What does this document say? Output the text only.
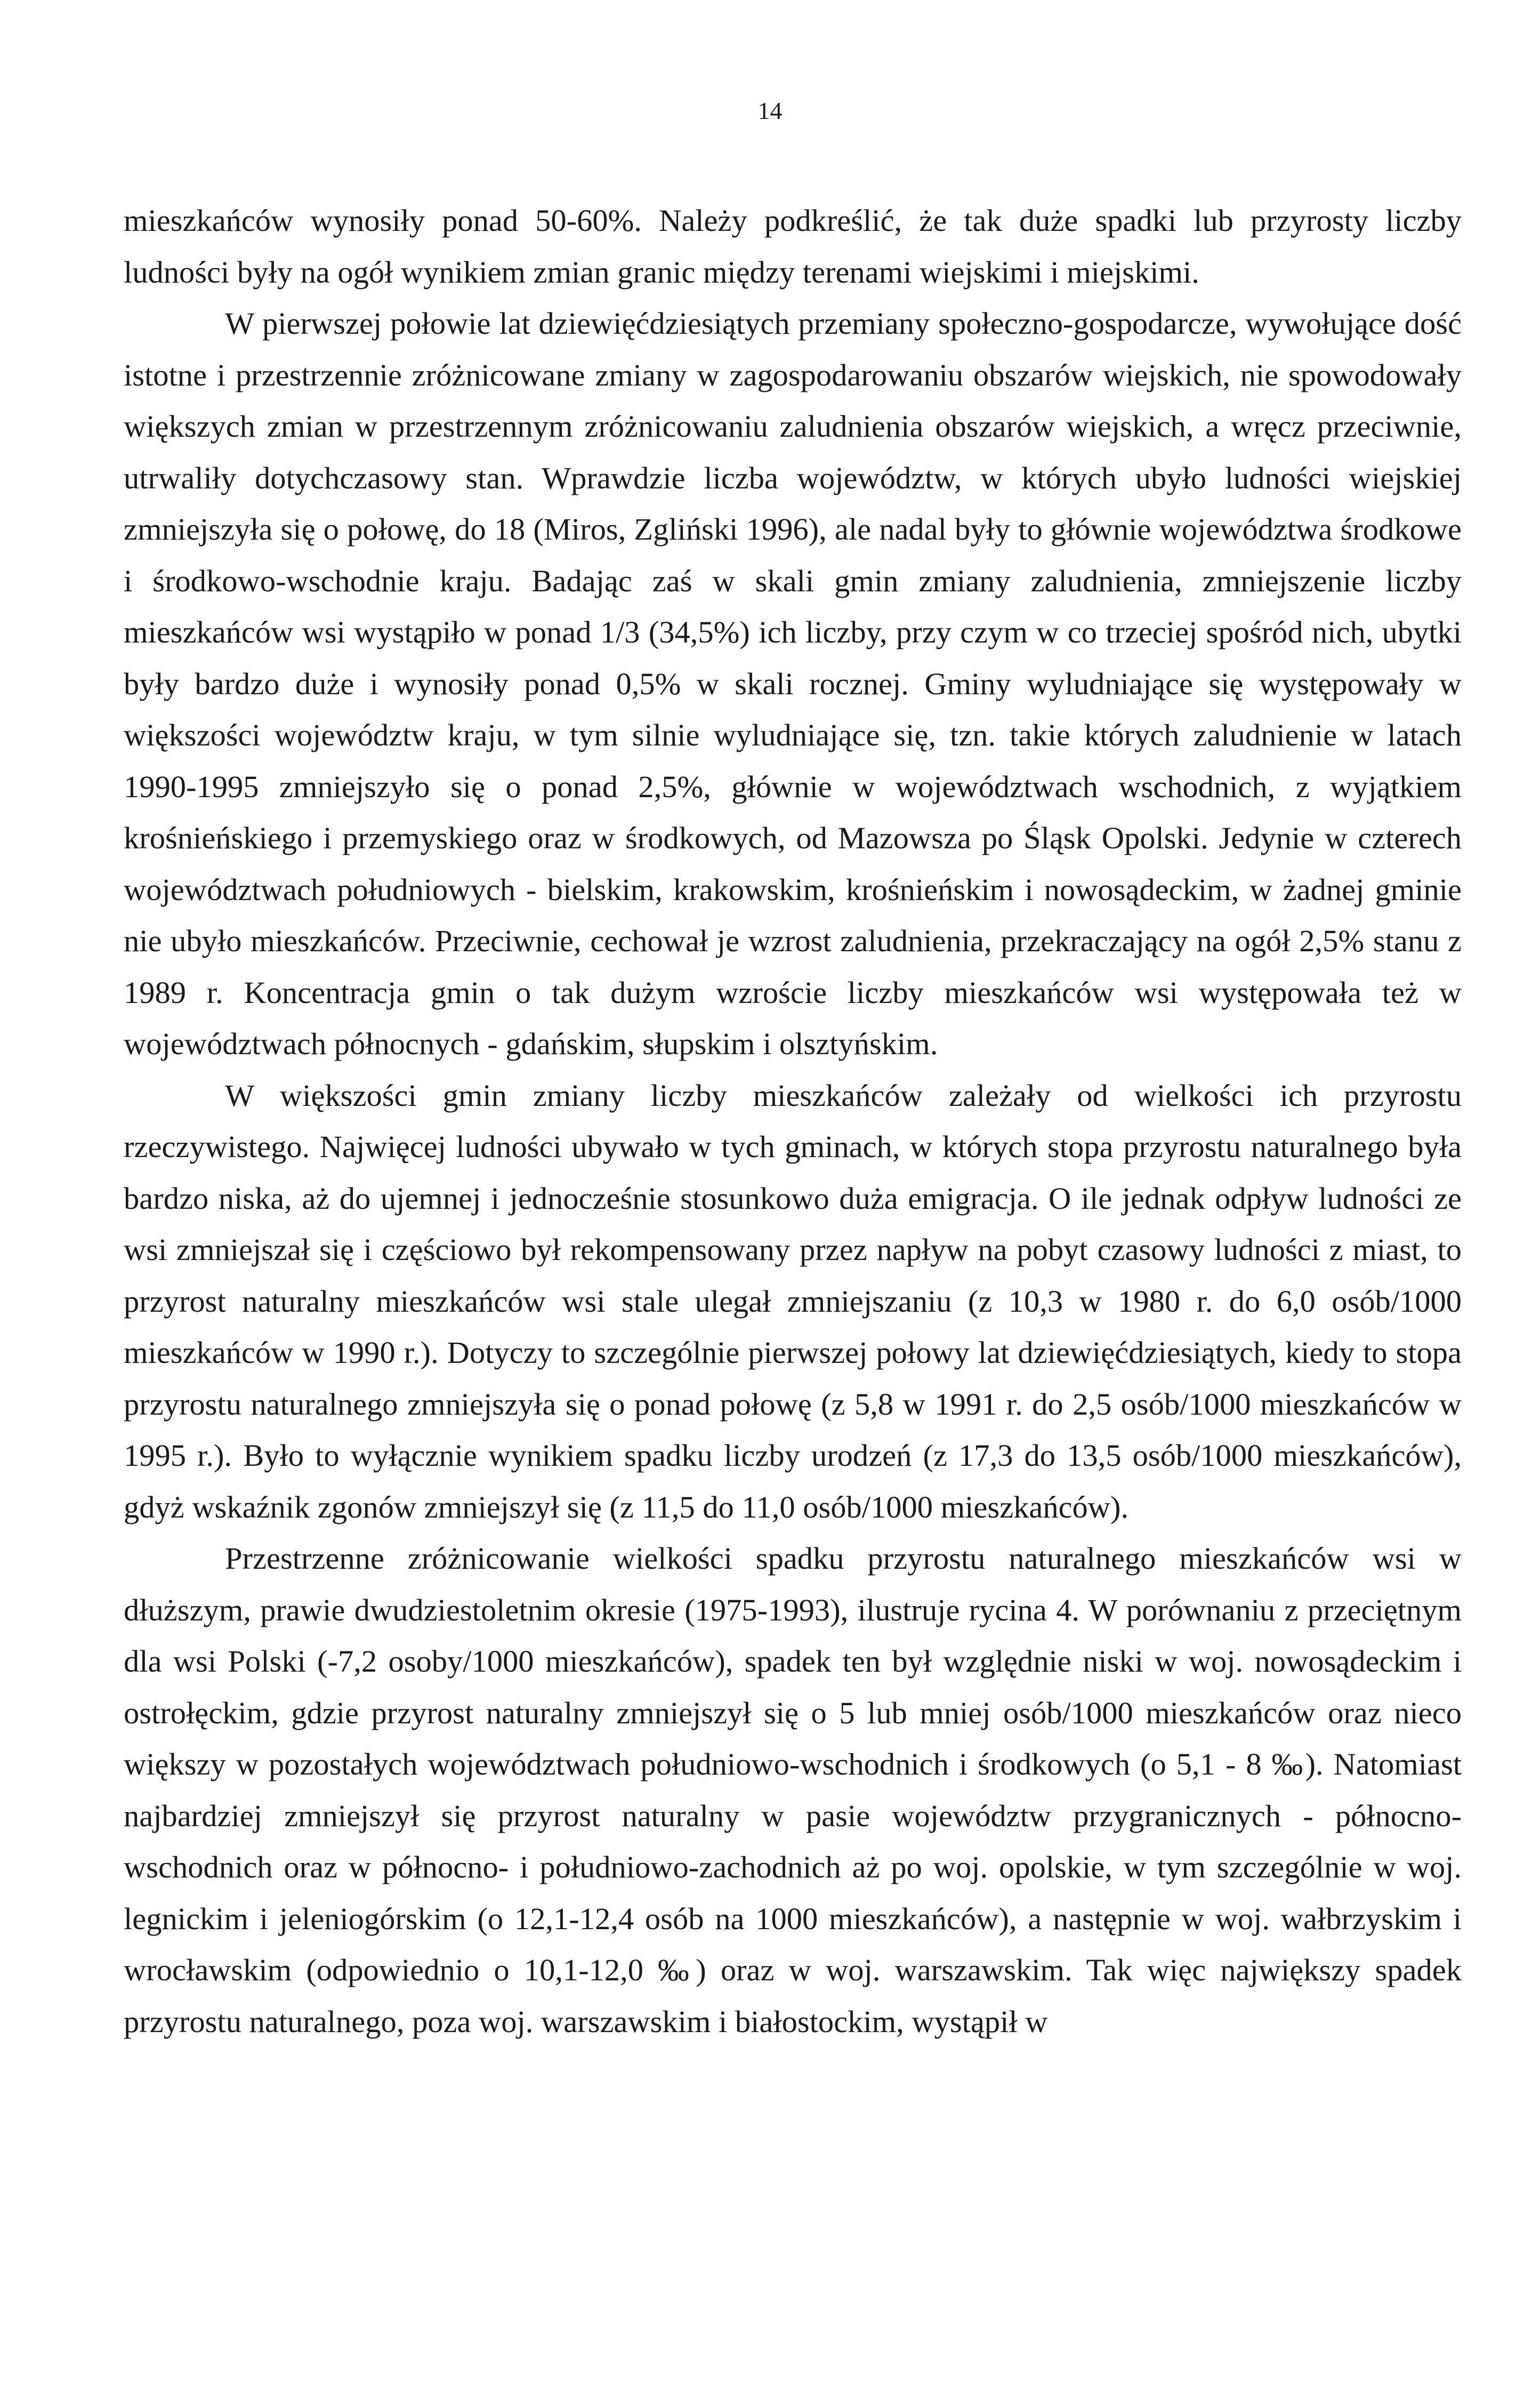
14

mieszkańców wynosiły ponad 50-60%. Należy podkreślić, że tak duże spadki lub przyrosty liczby ludności były na ogół wynikiem zmian granic między terenami wiejskimi i miejskimi.

W pierwszej połowie lat dziewięćdziesiątych przemiany społeczno-gospodarcze, wywołujące dość istotne i przestrzennie zróżnicowane zmiany w zagospodarowaniu obszarów wiejskich, nie spowodowały większych zmian w przestrzennym zróżnicowaniu zaludnienia obszarów wiejskich, a wręcz przeciwnie, utrwaliły dotychczasowy stan. Wprawdzie liczba województw, w których ubyło ludności wiejskiej zmniejszyła się o połowę, do 18 (Miros, Zgliński 1996), ale nadal były to głównie województwa środkowe i środkowo-wschodnie kraju. Badając zaś w skali gmin zmiany zaludnienia, zmniejszenie liczby mieszkańców wsi wystąpiło w ponad 1/3 (34,5%) ich liczby, przy czym w co trzeciej spośród nich, ubytki były bardzo duże i wynosiły ponad 0,5% w skali rocznej. Gminy wyludniające się występowały w większości województw kraju, w tym silnie wyludniające się, tzn. takie których zaludnienie w latach 1990-1995 zmniejszyło się o ponad 2,5%, głównie w województwach wschodnich, z wyjątkiem krośnieńskiego i przemyskiego oraz w środkowych, od Mazowsza po Śląsk Opolski. Jedynie w czterech województwach południowych - bielskim, krakowskim, krośnieńskim i nowosądeckim, w żadnej gminie nie ubyło mieszkańców. Przeciwnie, cechował je wzrost zaludnienia, przekraczający na ogół 2,5% stanu z 1989 r. Koncentracja gmin o tak dużym wzroście liczby mieszkańców wsi występowała też w województwach północnych - gdańskim, słupskim i olsztyńskim.

W większości gmin zmiany liczby mieszkańców zależały od wielkości ich przyrostu rzeczywistego. Najwięcej ludności ubywało w tych gminach, w których stopa przyrostu naturalnego była bardzo niska, aż do ujemnej i jednocześnie stosunkowo duża emigracja. O ile jednak odpływ ludności ze wsi zmniejszał się i częściowo był rekompensowany przez napływ na pobyt czasowy ludności z miast, to przyrost naturalny mieszkańców wsi stale ulegał zmniejszaniu (z 10,3 w 1980 r. do 6,0 osób/1000 mieszkańców w 1990 r.). Dotyczy to szczególnie pierwszej połowy lat dziewięćdziesiątych, kiedy to stopa przyrostu naturalnego zmniejszyła się o ponad połowę (z 5,8 w 1991 r. do 2,5 osób/1000 mieszkańców w 1995 r.). Było to wyłącznie wynikiem spadku liczby urodzeń (z 17,3 do 13,5 osób/1000 mieszkańców), gdyż wskaźnik zgonów zmniejszył się (z 11,5 do 11,0 osób/1000 mieszkańców).

Przestrzenne zróżnicowanie wielkości spadku przyrostu naturalnego mieszkańców wsi w dłuższym, prawie dwudziestoletnim okresie (1975-1993), ilustruje rycina 4. W porównaniu z przeciętnym dla wsi Polski (-7,2 osoby/1000 mieszkańców), spadek ten był względnie niski w woj. nowosądeckim i ostrołęckim, gdzie przyrost naturalny zmniejszył się o 5 lub mniej osób/1000 mieszkańców oraz nieco większy w pozostałych województwach południowo-wschodnich i środkowych (o 5,1 - 8 ‰). Natomiast najbardziej zmniejszył się przyrost naturalny w pasie województw przygranicznych - północno-wschodnich oraz w północno- i południowo-zachodnich aż po woj. opolskie, w tym szczególnie w woj. legnickim i jeleniogórskim (o 12,1-12,4 osób na 1000 mieszkańców), a następnie w woj. wałbrzyskim i wrocławskim (odpowiednio o 10,1-12,0 ‰) oraz w woj. warszawskim. Tak więc największy spadek przyrostu naturalnego, poza woj. warszawskim i białostockim, wystąpił w
